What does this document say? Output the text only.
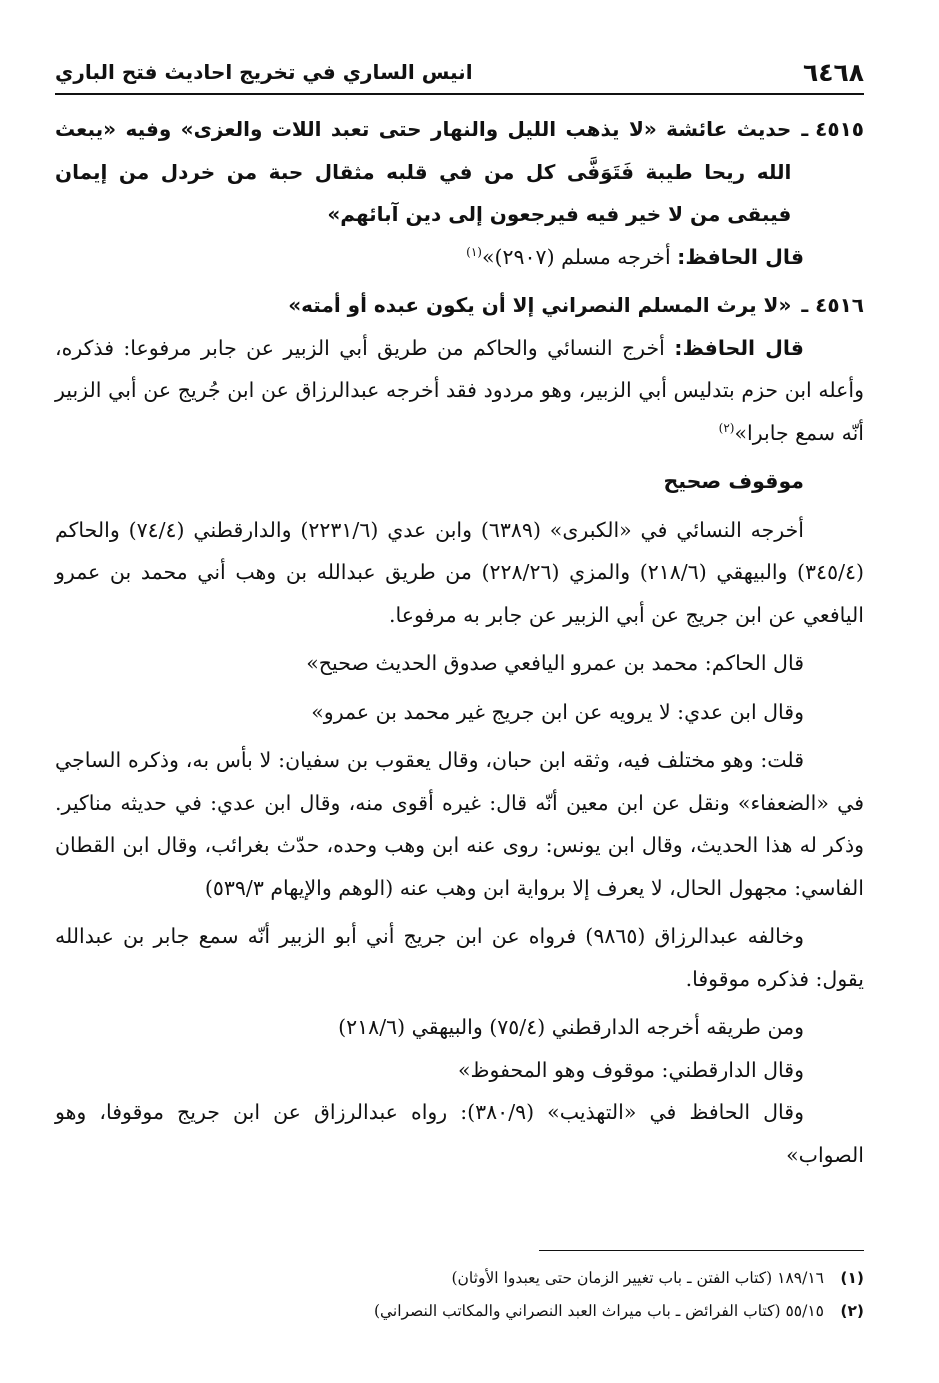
٦٤٦٨
انيس الساري في تخريج احاديث فتح الباري
٤٥١٥ ـ
حديث عائشة «لا يذهب الليل والنهار حتى تعبد اللات والعزى» وفيه «يبعث الله ريحا طيبة فَتَوَفَّى كل من في قلبه مثقال حبة من خردل من إيمان فيبقى من لا خير فيه فيرجعون إلى دين آبائهم»

قال الحافظ: أخرجه مسلم (٢٩٠٧)»$^{(١)}$

٤٥١٦ ـ
«لا يرث المسلم النصراني إلا أن يكون عبده أو أمته»

قال الحافظ: أخرج النسائي والحاكم من طريق أبي الزبير عن جابر مرفوعا: فذكره، وأعله ابن حزم بتدليس أبي الزبير، وهو مردود فقد أخرجه عبدالرزاق عن ابن جُريج عن أبي الزبير أنّه سمع جابرا»$^{(٢)}$

موقوف صحيح

أخرجه النسائي في «الكبرى» (٦٣٨٩) وابن عدي (٢٢٣١/٦) والدارقطني (٧٤/٤) والحاكم (٣٤٥/٤) والبيهقي (٢١٨/٦) والمزي (٢٢٨/٢٦) من طريق عبدالله بن وهب أني محمد بن عمرو اليافعي عن ابن جريج عن أبي الزبير عن جابر به مرفوعا.

قال الحاكم: محمد بن عمرو اليافعي صدوق الحديث صحيح»

وقال ابن عدي: لا يرويه عن ابن جريج غير محمد بن عمرو»

قلت: وهو مختلف فيه، وثقه ابن حبان، وقال يعقوب بن سفيان: لا بأس به، وذكره الساجي في «الضعفاء» ونقل عن ابن معين أنّه قال: غيره أقوى منه، وقال ابن عدي: في حديثه مناكير. وذكر له هذا الحديث، وقال ابن يونس: روى عنه ابن وهب وحده، حدّث بغرائب، وقال ابن القطان الفاسي: مجهول الحال، لا يعرف إلا برواية ابن وهب عنه (الوهم والإيهام ٥٣٩/٣)

وخالفه عبدالرزاق (٩٨٦٥) فرواه عن ابن جريج أني أبو الزبير أنّه سمع جابر بن عبدالله يقول: فذكره موقوفا.

ومن طريقه أخرجه الدارقطني (٧٥/٤) والبيهقي (٢١٨/٦)

وقال الدارقطني: موقوف وهو المحفوظ»

وقال الحافظ في «التهذيب» (٣٨٠/٩): رواه عبدالرزاق عن ابن جريج موقوفا، وهو الصواب»

(١)
١٨٩/١٦ (كتاب الفتن ـ باب تغيير الزمان حتى يعبدوا الأوثان)
(٢)
٥٥/١٥ (كتاب الفرائض ـ باب ميراث العبد النصراني والمكاتب النصراني)
